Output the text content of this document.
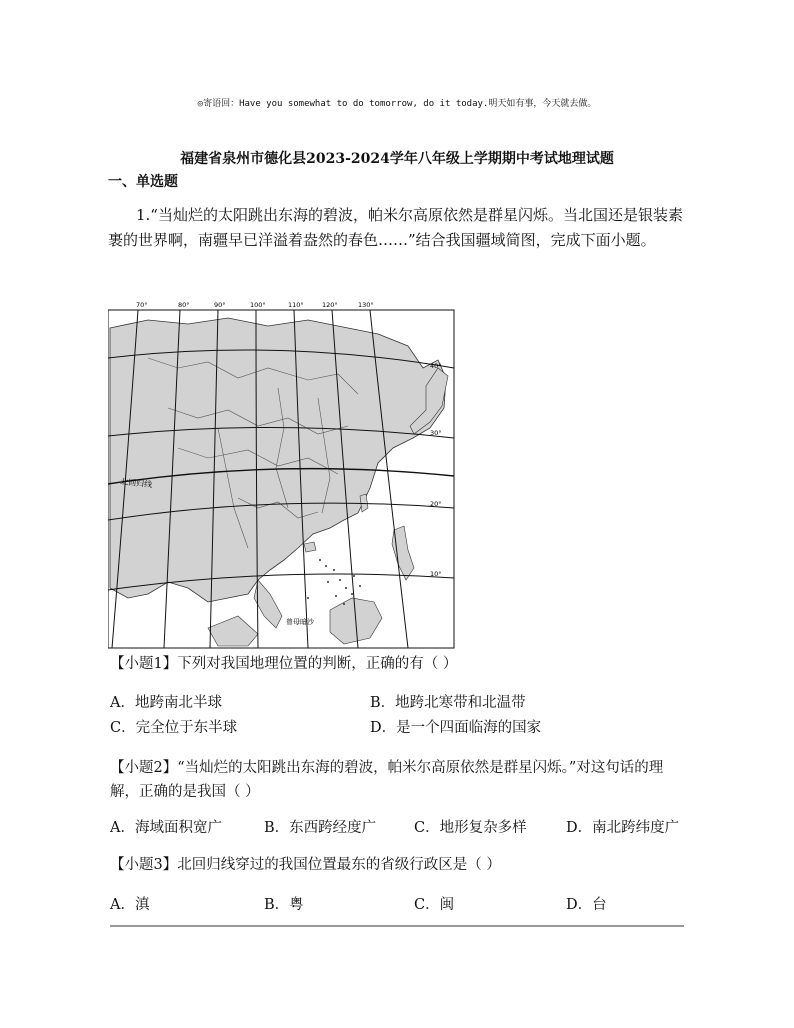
◎寄语回：Have you somewhat to do tomorrow, do it today.明天如有事，今天就去做。
福建省泉州市德化县2023-2024学年八年级上学期期中考试地理试题
一、单选题
1.“当灿烂的太阳跳出东海的碧波，帕米尔高原依然是群星闪烁。当北国还是银装素裹的世界啊，南疆早已洋溢着盎然的春色……”结合我国疆域简图，完成下面小题。
70°	80°	90°	100°	110°	120°	130°
40°
30°
20°
10°
北回归线
曾母暗沙
【小题1】下列对我国地理位置的判断，正确的有（ ）
A．地跨南北半球	B．地跨北寒带和北温带
C．完全位于东半球	D．是一个四面临海的国家
【小题2】“当灿烂的太阳跳出东海的碧波，帕米尔高原依然是群星闪烁。”对这句话的理解，正确的是我国（ ）
A．海域面积宽广	B．东西跨经度广	C．地形复杂多样	D．南北跨纬度广
【小题3】北回归线穿过的我国位置最东的省级行政区是（ ）
A．滇	B．粤	C．闽	D．台
